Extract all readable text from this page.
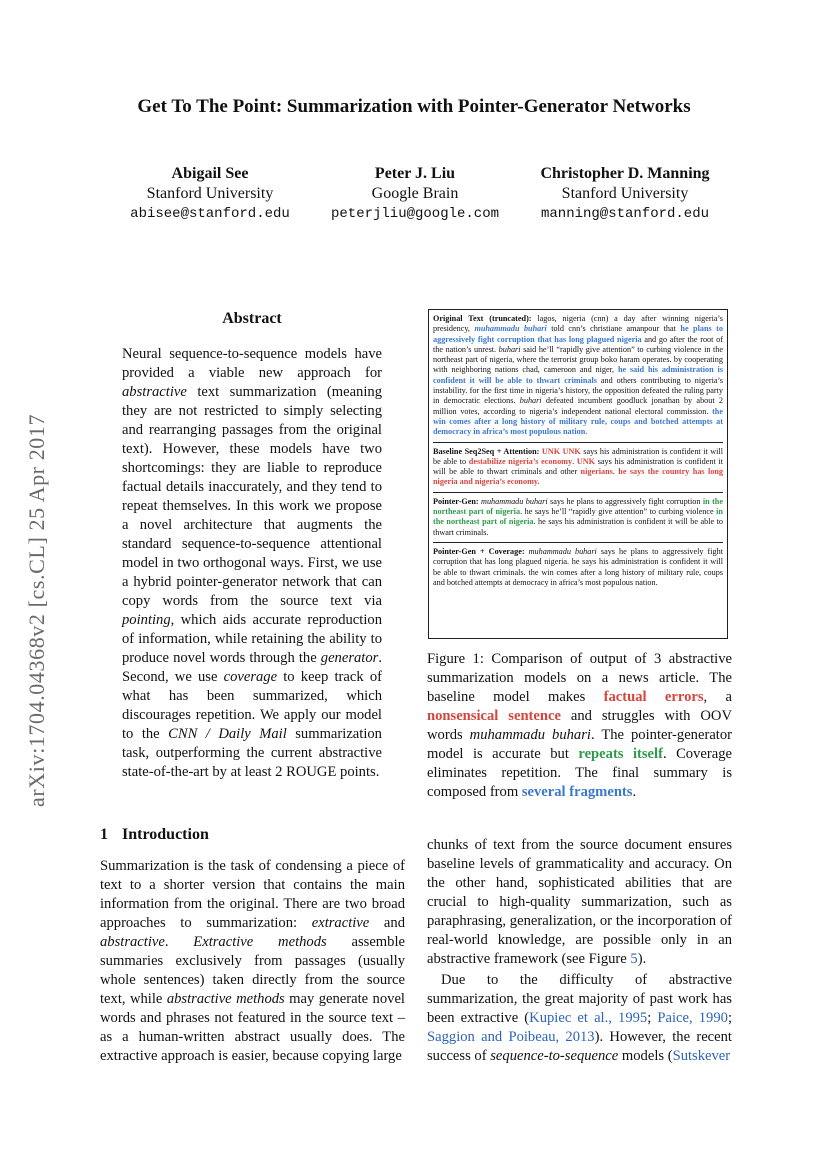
arXiv:1704.04368v2 [cs.CL] 25 Apr 2017
Get To The Point: Summarization with Pointer-Generator Networks
Abigail See
Stanford University
abisee@stanford.edu
Peter J. Liu
Google Brain
peterjliu@google.com
Christopher D. Manning
Stanford University
manning@stanford.edu
Abstract
Neural sequence-to-sequence models have provided a viable new approach for abstractive text summarization (meaning they are not restricted to simply selecting and rearranging passages from the original text). However, these models have two shortcomings: they are liable to reproduce factual details inaccurately, and they tend to repeat themselves. In this work we propose a novel architecture that augments the standard sequence-to-sequence attentional model in two orthogonal ways. First, we use a hybrid pointer-generator network that can copy words from the source text via pointing, which aids accurate reproduction of information, while retaining the ability to produce novel words through the generator. Second, we use coverage to keep track of what has been summarized, which discourages repetition. We apply our model to the CNN / Daily Mail summarization task, outperforming the current abstractive state-of-the-art by at least 2 ROUGE points.
Original Text (truncated): lagos, nigeria (cnn) a day after winning nigeria’s presidency, muhammadu buhari told cnn’s christiane amanpour that he plans to aggressively fight corruption that has long plagued nigeria and go after the root of the nation’s unrest. buhari said he’ll “rapidly give attention” to curbing violence in the northeast part of nigeria, where the terrorist group boko haram operates. by cooperating with neighboring nations chad, cameroon and niger, he said his administration is confident it will be able to thwart criminals and others contributing to nigeria’s instability. for the first time in nigeria’s history, the opposition defeated the ruling party in democratic elections. buhari defeated incumbent goodluck jonathan by about 2 million votes, according to nigeria’s independent national electoral commission. the win comes after a long history of military rule, coups and botched attempts at democracy in africa’s most populous nation.
Baseline Seq2Seq + Attention: UNK UNK says his administration is confident it will be able to destabilize nigeria’s economy. UNK says his administration is confident it will be able to thwart criminals and other nigerians. he says the country has long nigeria and nigeria’s economy.
Pointer-Gen: muhammadu buhari says he plans to aggressively fight corruption in the northeast part of nigeria. he says he’ll “rapidly give attention” to curbing violence in the northeast part of nigeria. he says his administration is confident it will be able to thwart criminals.
Pointer-Gen + Coverage: muhammadu buhari says he plans to aggressively fight corruption that has long plagued nigeria. he says his administration is confident it will be able to thwart criminals. the win comes after a long history of military rule, coups and botched attempts at democracy in africa’s most populous nation.
Figure 1: Comparison of output of 3 abstractive summarization models on a news article. The baseline model makes factual errors, a nonsensical sentence and struggles with OOV words muhammadu buhari. The pointer-generator model is accurate but repeats itself. Coverage eliminates repetition. The final summary is composed from several fragments.
1 Introduction
Summarization is the task of condensing a piece of text to a shorter version that contains the main information from the original. There are two broad approaches to summarization: extractive and abstractive. Extractive methods assemble summaries exclusively from passages (usually whole sentences) taken directly from the source text, while abstractive methods may generate novel words and phrases not featured in the source text – as a human-written abstract usually does. The extractive approach is easier, because copying large

chunks of text from the source document ensures baseline levels of grammaticality and accuracy. On the other hand, sophisticated abilities that are crucial to high-quality summarization, such as paraphrasing, generalization, or the incorporation of real-world knowledge, are possible only in an abstractive framework (see Figure 5).

Due to the difficulty of abstractive summarization, the great majority of past work has been extractive (Kupiec et al., 1995; Paice, 1990; Saggion and Poibeau, 2013). However, the recent success of sequence-to-sequence models (Sutskever
